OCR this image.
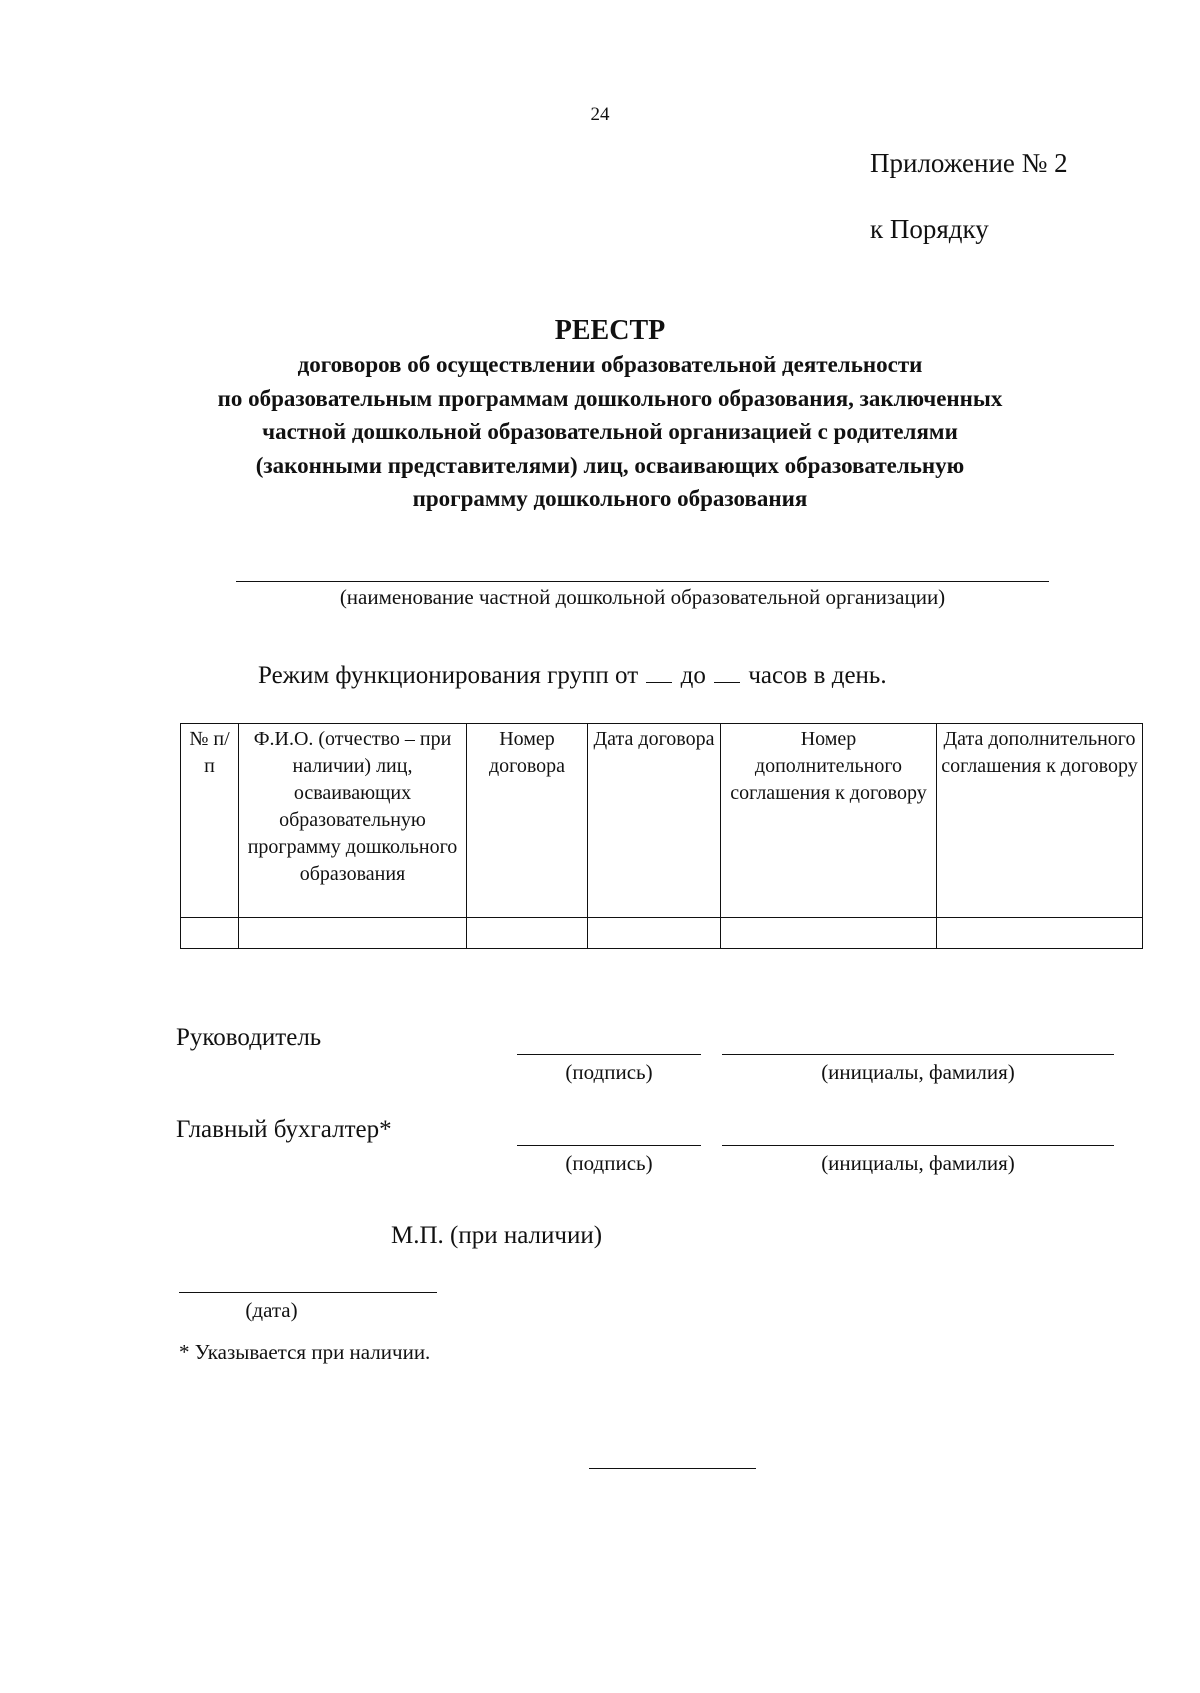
24
Приложение № 2
к Порядку
РЕЕСТР
договоров об осуществлении образовательной деятельности
по образовательным программам дошкольного образования, заключенных
частной дошкольной образовательной организацией с родителями
(законными представителями) лиц, осваивающих образовательную
программу дошкольного образования
(наименование частной дошкольной образовательной организации)
Режим функционирования групп от до часов в день.
№ п/п	Ф.И.О. (отчество – при наличии) лиц, осваивающих образовательную программу дошкольного образования	Номер договора	Дата договора	Номер дополнительного соглашения к договору	Дата дополнительного соглашения к договору

Руководитель
(подпись)	(инициалы, фамилия)
Главный бухгалтер*
(подпись)	(инициалы, фамилия)
М.П. (при наличии)
(дата)
* Указывается при наличии.
